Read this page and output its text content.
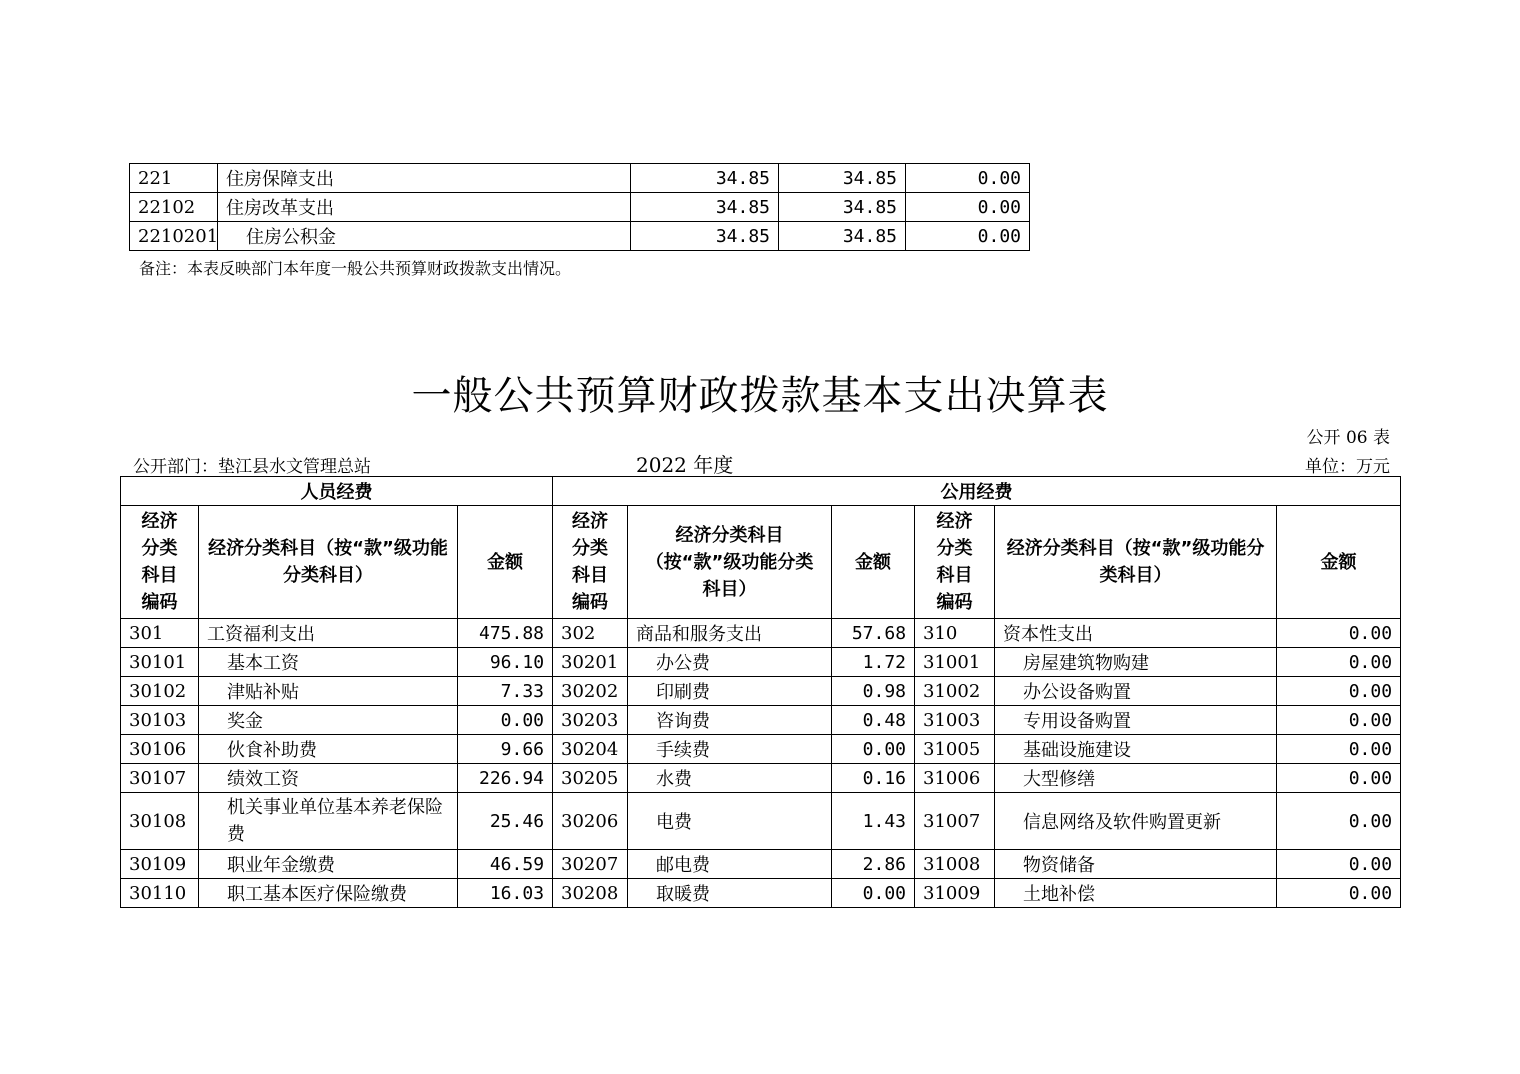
221	住房保障支出	34.85	34.85	0.00
22102	住房改革支出	34.85	34.85	0.00
2210201	住房公积金	34.85	34.85	0.00
备注：本表反映部门本年度一般公共预算财政拨款支出情况。
一般公共预算财政拨款基本支出决算表
公开 06 表
公开部门：垫江县水文管理总站	2022 年度	单位：万元
人员经费			公用经费					
经济分类科目编码	经济分类科目（按“款”级功能分类科目）	金额	经济分类科目编码	经济分类科目（按“款”级功能分类科目）	金额	经济分类科目编码	经济分类科目（按“款”级功能分类科目）	金额
301	工资福利支出	475.88	302	商品和服务支出	57.68	310	资本性支出	0.00
30101	基本工资	96.10	30201	办公费	1.72	31001	房屋建筑物购建	0.00
30102	津贴补贴	7.33	30202	印刷费	0.98	31002	办公设备购置	0.00
30103	奖金	0.00	30203	咨询费	0.48	31003	专用设备购置	0.00
30106	伙食补助费	9.66	30204	手续费	0.00	31005	基础设施建设	0.00
30107	绩效工资	226.94	30205	水费	0.16	31006	大型修缮	0.00
30108	机关事业单位基本养老保险费	25.46	30206	电费	1.43	31007	信息网络及软件购置更新	0.00
30109	职业年金缴费	46.59	30207	邮电费	2.86	31008	物资储备	0.00
30110	职工基本医疗保险缴费	16.03	30208	取暖费	0.00	31009	土地补偿	0.00
